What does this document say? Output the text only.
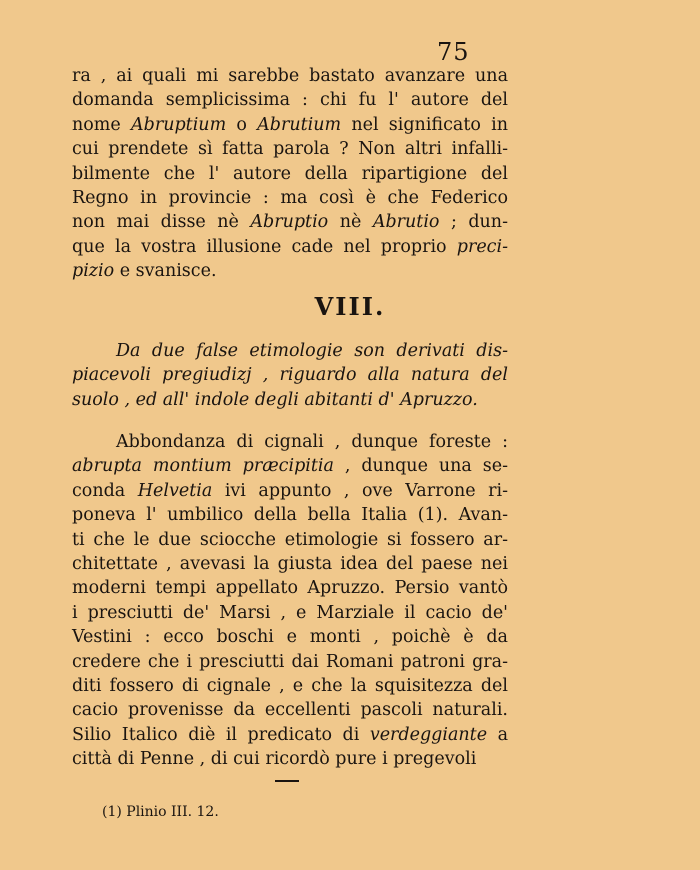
75
ra , ai quali mi sarebbe bastato avanzare una
domanda semplicissima : chi fu l' autore del
nome Abruptium o Abrutium nel significato in
cui prendete sì fatta parola ? Non altri infalli-
bilmente che l' autore della ripartigione del
Regno in provincie : ma così è che Federico
non mai disse nè Abruptio nè Abrutio ; dun-
que la vostra illusione cade nel proprio preci-
pizio e svanisce.
VIII.
Da due false etimologie son derivati dis-
piacevoli pregiudizj , riguardo alla natura del
suolo , ed all' indole degli abitanti d' Apruzzo.
Abbondanza di cignali , dunque foreste :
abrupta montium præcipitia , dunque una se-
conda Helvetia ivi appunto , ove Varrone ri-
poneva l' umbilico della bella Italia (1). Avan-
ti che le due sciocche etimologie si fossero ar-
chitettate , avevasi la giusta idea del paese nei
moderni tempi appellato Apruzzo. Persio vantò
i presciutti de' Marsi , e Marziale il cacio de'
Vestini : ecco boschi e monti , poichè è da
credere che i presciutti dai Romani patroni gra-
diti fossero di cignale , e che la squisitezza del
cacio provenisse da eccellenti pascoli naturali.
Silio Italico diè il predicato di verdeggiante a
città di Penne , di cui ricordò pure i pregevoli
(1) Plinio III. 12.
